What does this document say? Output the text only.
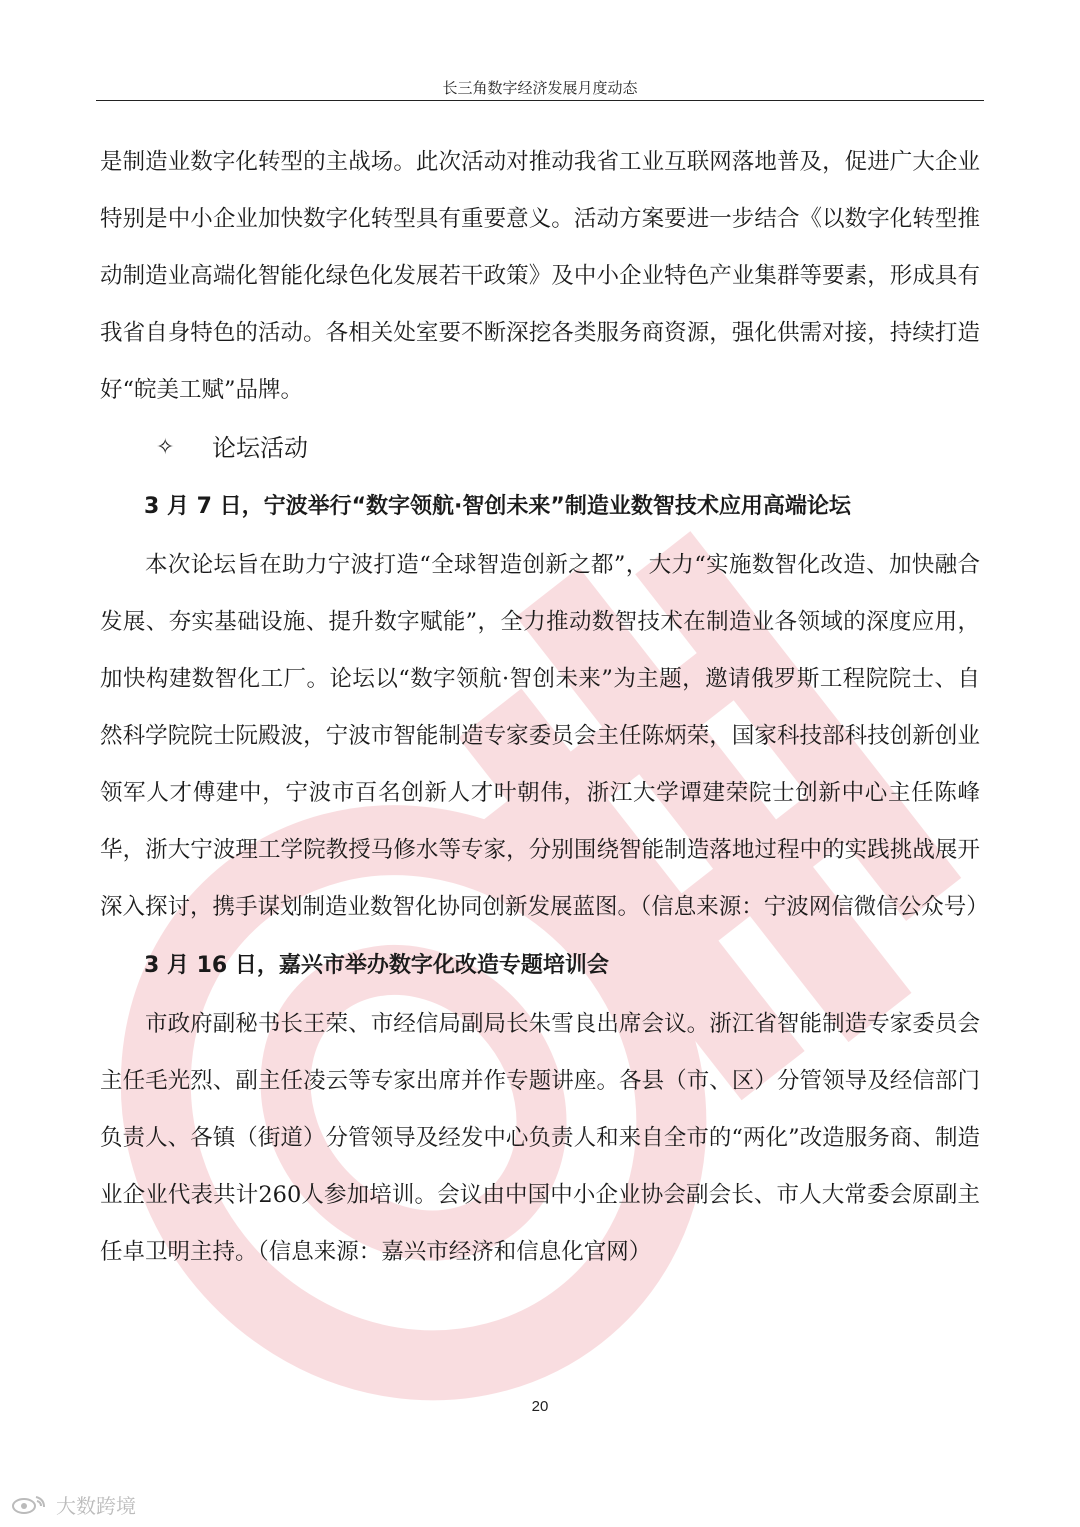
长三角数字经济发展月度动态

是制造业数字化转型的主战场。此次活动对推动我省工业互联网落地普及，促进广大企业特别是中小企业加快数字化转型具有重要意义。活动方案要进一步结合《以数字化转型推动制造业高端化智能化绿色化发展若干政策》及中小企业特色产业集群等要素，形成具有我省自身特色的活动。各相关处室要不断深挖各类服务商资源，强化供需对接，持续打造好“皖美工赋”品牌。

✧	论坛活动

3 月 7 日，宁波举行“数字领航·智创未来”制造业数智技术应用高端论坛

本次论坛旨在助力宁波打造“全球智造创新之都”，大力“实施数智化改造、加快融合发展、夯实基础设施、提升数字赋能”，全力推动数智技术在制造业各领域的深度应用，加快构建数智化工厂。论坛以“数字领航·智创未来”为主题，邀请俄罗斯工程院院士、自然科学院院士阮殿波，宁波市智能制造专家委员会主任陈炳荣，国家科技部科技创新创业领军人才傅建中，宁波市百名创新人才叶朝伟，浙江大学谭建荣院士创新中心主任陈峰华，浙大宁波理工学院教授马修水等专家，分别围绕智能制造落地过程中的实践挑战展开深入探讨，携手谋划制造业数智化协同创新发展蓝图。（信息来源：宁波网信微信公众号）

3 月 16 日，嘉兴市举办数字化改造专题培训会

市政府副秘书长王荣、市经信局副局长朱雪良出席会议。浙江省智能制造专家委员会主任毛光烈、副主任凌云等专家出席并作专题讲座。各县（市、区）分管领导及经信部门负责人、各镇（街道）分管领导及经发中心负责人和来自全市的“两化”改造服务商、制造业企业代表共计260人参加培训。会议由中国中小企业协会副会长、市人大常委会原副主任卓卫明主持。（信息来源：嘉兴市经济和信息化官网）

20
大数跨境
